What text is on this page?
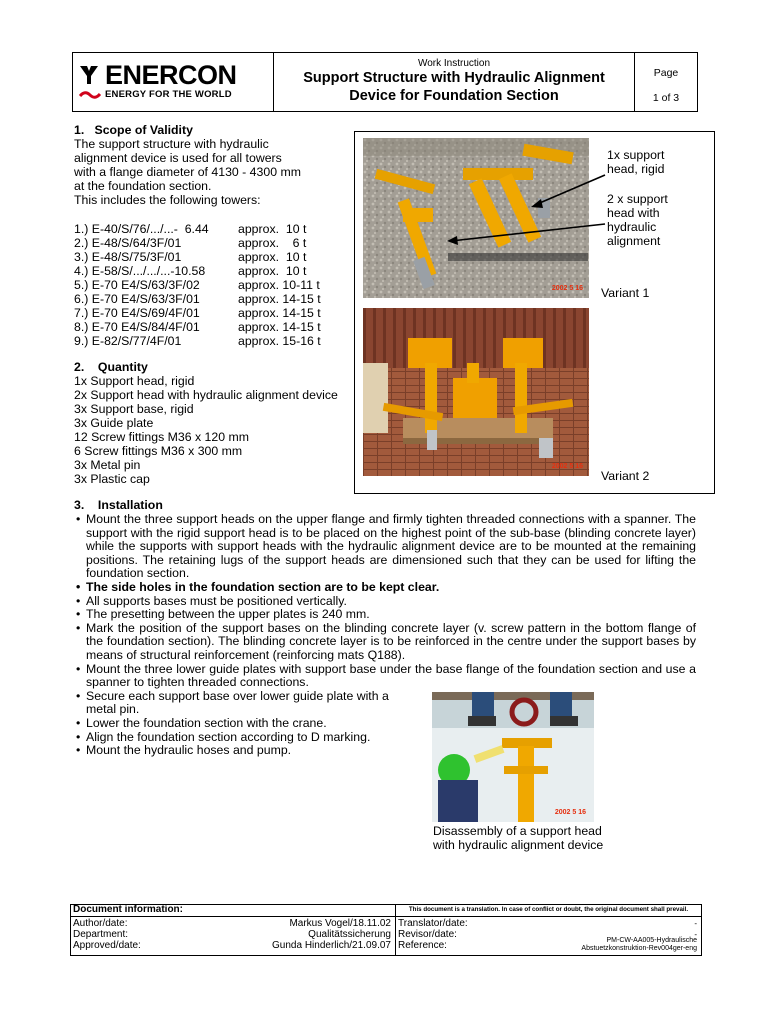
ENERCON
ENERGY FOR THE WORLD
Work Instruction
Support Structure with Hydraulic Alignment
Device for Foundation Section
Page
1 of 3
1.   Scope of Validity
The support structure with hydraulic
alignment device is used for all towers
with a flange diameter of 4130 - 4300 mm
at the foundation section.
This includes the following towers:
1.) E-40/S/76/.../...-  6.44 approx.  10 t
2.) E-48/S/64/3F/01	approx.    6 t
3.) E-48/S/75/3F/01	approx.  10 t
4.) E-58/S/.../.../...-10.58	approx.  10 t
5.) E-70 E4/S/63/3F/02	approx. 10-11 t
6.) E-70 E4/S/63/3F/01	approx. 14-15 t
7.) E-70 E4/S/69/4F/01	approx. 14-15 t
8.) E-70 E4/S/84/4F/01	approx. 14-15 t
9.) E-82/S/77/4F/01	approx. 15-16 t
2.    Quantity
1x Support head, rigid
2x Support head with hydraulic alignment device
3x Support base, rigid
3x Guide plate
12 Screw fittings M36 x 120 mm
6 Screw fittings M36 x 300 mm
3x Metal pin
3x Plastic cap
2002 5 16
1x support
head, rigid
2 x support
head with
hydraulic
alignment
Variant 1
2002 5 16
Variant 2
3.    Installation
• Mount the three support heads on the upper flange and firmly tighten threaded connections with a spanner. The support with the rigid support head is to be placed on the highest point of the sub-base (blinding concrete layer) while the supports with support heads with the hydraulic alignment device are to be mounted at the remaining positions. The retaining lugs of the support heads are dimensioned such that they can be used for lifting the foundation section.
• The side holes in the foundation section are to be kept clear.
• All supports bases must be positioned vertically.
• The presetting between the upper plates is 240 mm.
• Mark the position of the support bases on the blinding concrete layer (v. screw pattern in the bottom flange of the foundation section). The blinding concrete layer is to be reinforced in the centre under the support bases by means of structural reinforcement (reinforcing mats Q188).
• Mount the three lower guide plates with support base under the base flange of the foundation section and use a spanner to tighten threaded connections.
• Secure each support base over lower guide plate with a metal pin.
• Lower the foundation section with the crane.
• Align the foundation section according to D marking.
• Mount the hydraulic hoses and pump.
2002 5 16
Disassembly of a support head
with hydraulic alignment device
Document information:
Author/date:	Markus Vogel/18.11.02
Department:	Qualitätssicherung
Approved/date:	Gunda Hinderlich/21.09.07
This document is a translation. In case of conflict or doubt, the original document shall prevail.
Translator/date:	-
Revisor/date:	-
Reference:	PM-CW-AA005-Hydraulische
Abstuetzkonstruktion-Rev004ger-eng
